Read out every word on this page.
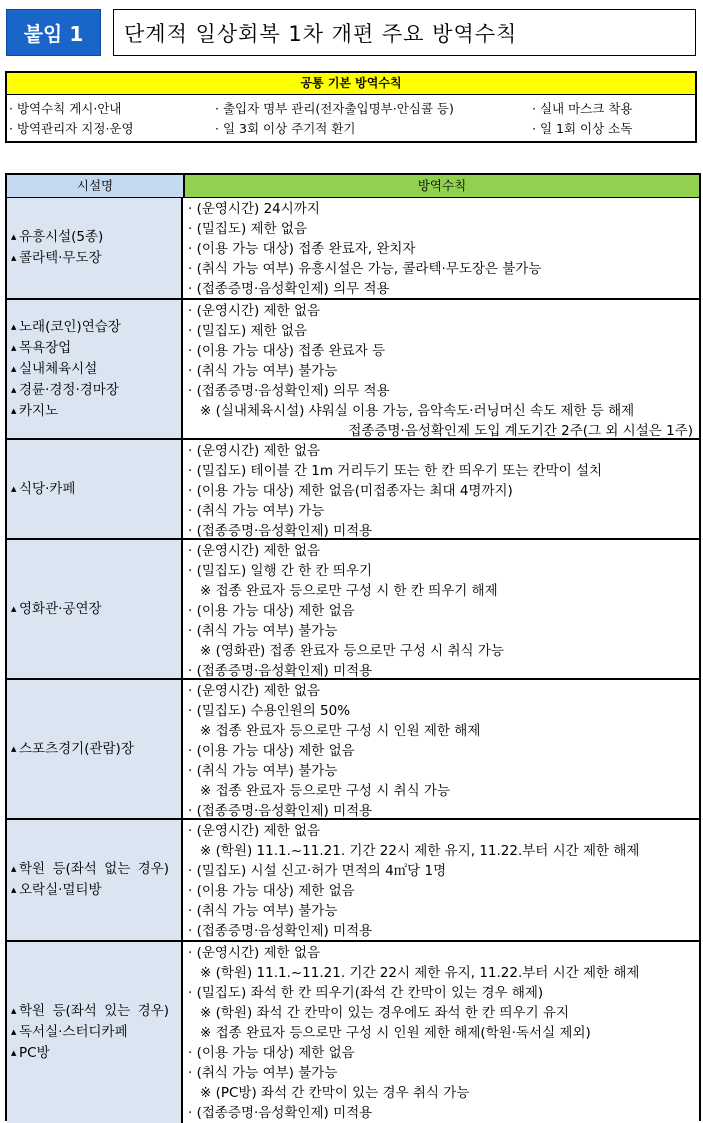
붙임 1	단계적 일상회복 1차 개편 주요 방역수칙
공통 기본 방역수칙
· 방역수칙 게시·안내	· 출입자 명부 관리(전자출입명부·안심콜 등)	· 실내 마스크 착용
· 방역관리자 지정·운영	· 일 3회 이상 주기적 환기	· 일 1회 이상 소독
시설명	방역수칙
▲ 유흥시설(5종)
▲ 콜라텍·무도장
· (운영시간) 24시까지
· (밀집도) 제한 없음
· (이용 가능 대상) 접종 완료자, 완치자
· (취식 가능 여부) 유흥시설은 가능, 콜라텍·무도장은 불가능
· (접종증명·음성확인제) 의무 적용
▲ 노래(코인)연습장
▲ 목욕장업
▲ 실내체육시설
▲ 경륜·경정·경마장
▲ 카지노
· (운영시간) 제한 없음
· (밀집도) 제한 없음
· (이용 가능 대상) 접종 완료자 등
· (취식 가능 여부) 불가능
· (접종증명·음성확인제) 의무 적용
※ (실내체육시설) 샤워실 이용 가능, 음악속도·러닝머신 속도 제한 등 해제
접종증명·음성확인제 도입 계도기간 2주(그 외 시설은 1주)
▲ 식당·카페
· (운영시간) 제한 없음
· (밀집도) 테이블 간 1m 거리두기 또는 한 칸 띄우기 또는 칸막이 설치
· (이용 가능 대상) 제한 없음(미접종자는 최대 4명까지)
· (취식 가능 여부) 가능
· (접종증명·음성확인제) 미적용
▲ 영화관·공연장
· (운영시간) 제한 없음
· (밀집도) 일행 간 한 칸 띄우기
※ 접종 완료자 등으로만 구성 시 한 칸 띄우기 해제
· (이용 가능 대상) 제한 없음
· (취식 가능 여부) 불가능
※ (영화관) 접종 완료자 등으로만 구성 시 취식 가능
· (접종증명·음성확인제) 미적용
▲ 스포츠경기(관람)장
· (운영시간) 제한 없음
· (밀집도) 수용인원의 50%
※ 접종 완료자 등으로만 구성 시 인원 제한 해제
· (이용 가능 대상) 제한 없음
· (취식 가능 여부) 불가능
※ 접종 완료자 등으로만 구성 시 취식 가능
· (접종증명·음성확인제) 미적용
▲ 학원 등(좌석 없는 경우)
▲ 오락실·멀티방
· (운영시간) 제한 없음
※ (학원) 11.1.~11.21. 기간 22시 제한 유지, 11.22.부터 시간 제한 해제
· (밀집도) 시설 신고·허가 면적의 4㎡당 1명
· (이용 가능 대상) 제한 없음
· (취식 가능 여부) 불가능
· (접종증명·음성확인제) 미적용
▲ 학원 등(좌석 있는 경우)
▲ 독서실·스터디카페
▲ PC방
· (운영시간) 제한 없음
※ (학원) 11.1.~11.21. 기간 22시 제한 유지, 11.22.부터 시간 제한 해제
· (밀집도) 좌석 한 칸 띄우기(좌석 간 칸막이 있는 경우 해제)
※ (학원) 좌석 간 칸막이 있는 경우에도 좌석 한 칸 띄우기 유지
※ 접종 완료자 등으로만 구성 시 인원 제한 해제(학원·독서실 제외)
· (이용 가능 대상) 제한 없음
· (취식 가능 여부) 불가능
※ (PC방) 좌석 간 칸막이 있는 경우 취식 가능
· (접종증명·음성확인제) 미적용
